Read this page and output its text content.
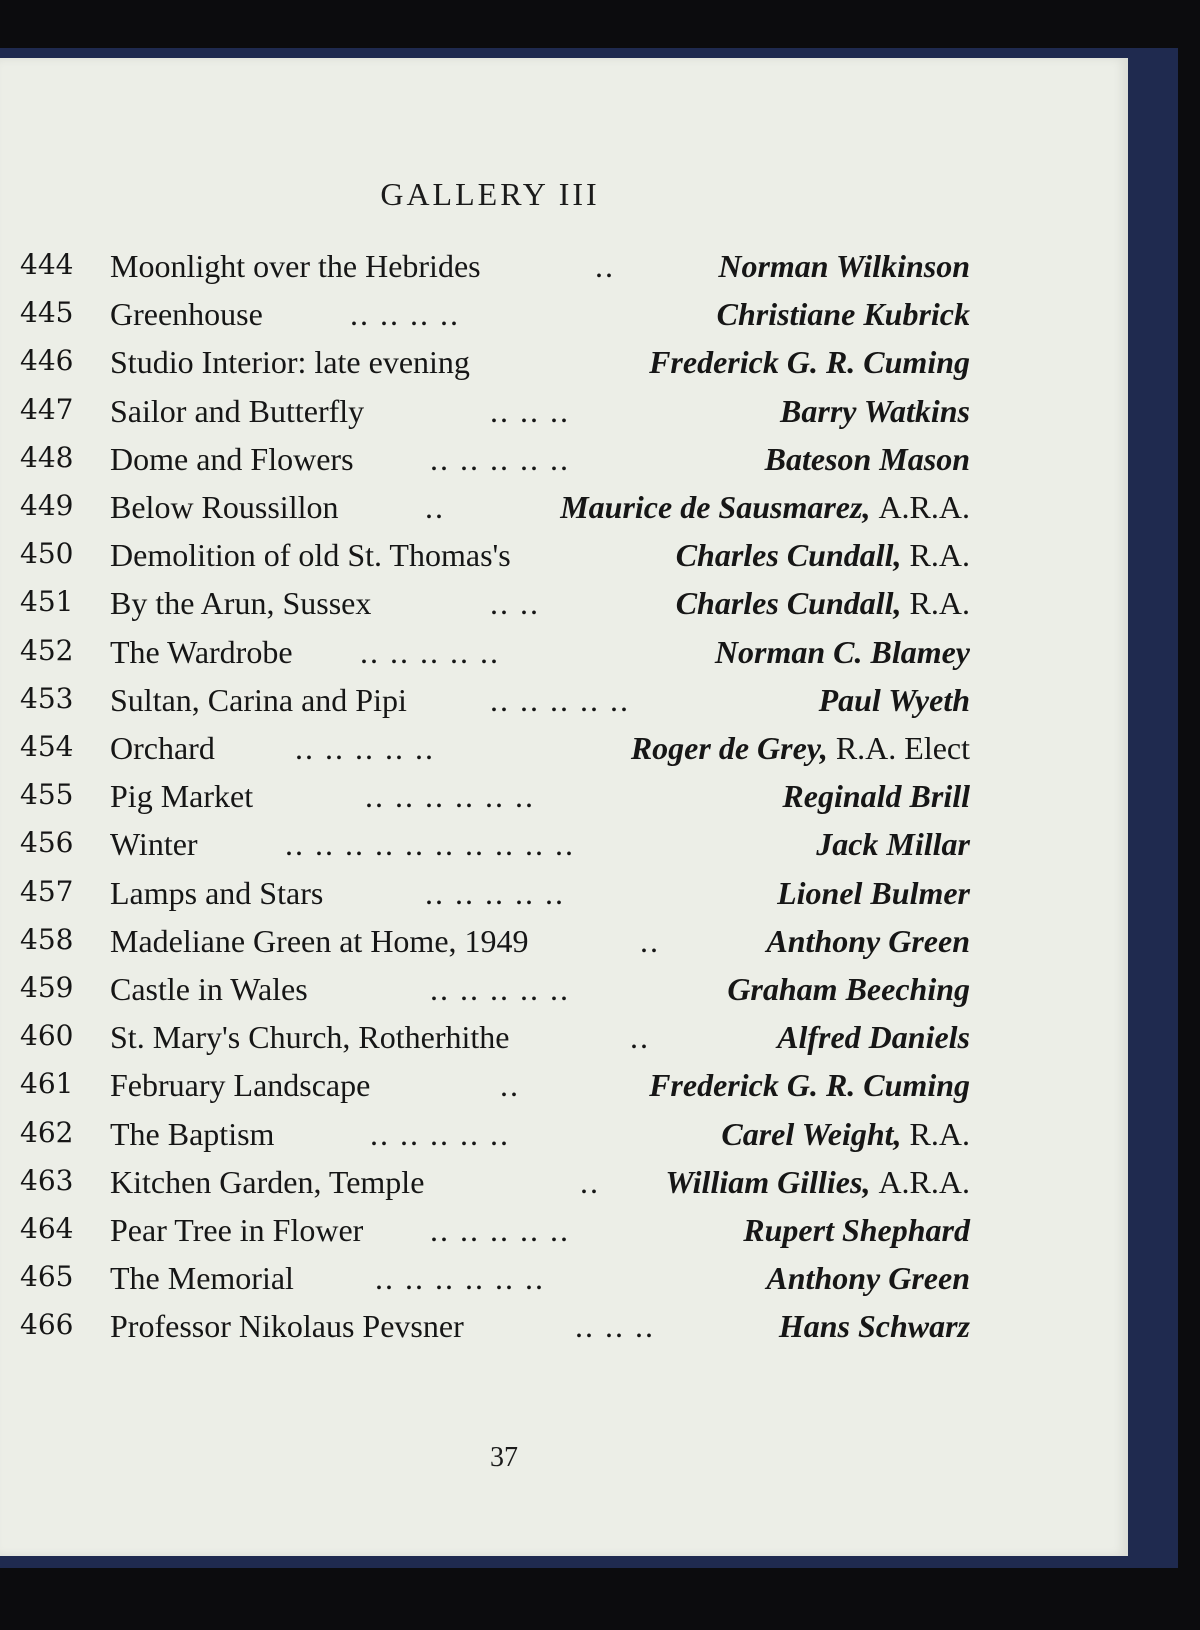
GALLERY III
444 Moonlight over the Hebrides	..	Norman Wilkinson
445 Greenhouse	.. .. .. ..	Christiane Kubrick
446 Studio Interior: late evening	Frederick G. R. Cuming
447 Sailor and Butterfly	.. .. ..	Barry Watkins
448 Dome and Flowers .. .. .. .. ..	Bateson Mason
449 Below Roussillon	..	Maurice de Sausmarez, A.R.A.
450 Demolition of old St. Thomas's	Charles Cundall, R.A.
451 By the Arun, Sussex	.. ..	Charles Cundall, R.A.
452 The Wardrobe .. .. .. .. ..	Norman C. Blamey
453 Sultan, Carina and Pipi	.. .. .. .. ..	Paul Wyeth
454 Orchard	.. .. .. .. ..	Roger de Grey, R.A. Elect
455 Pig Market	.. .. .. .. .. ..	Reginald Brill
456 Winter	.. .. .. .. .. .. .. .. .. ..	Jack Millar
457 Lamps and Stars	.. .. .. .. ..	Lionel Bulmer
458 Madeliane Green at Home, 1949	..	Anthony Green
459 Castle in Wales	.. .. .. .. ..	Graham Beeching
460 St. Mary's Church, Rotherhithe	..	Alfred Daniels
461 February Landscape	..	Frederick G. R. Cuming
462 The Baptism	.. .. .. .. ..	Carel Weight, R.A.
463 Kitchen Garden, Temple	.. William Gillies, A.R.A.
464 Pear Tree in Flower .. .. .. .. ..	Rupert Shephard
465 The Memorial	.. .. .. .. .. ..	Anthony Green
466 Professor Nikolaus Pevsner	.. .. ..	Hans Schwarz
37
